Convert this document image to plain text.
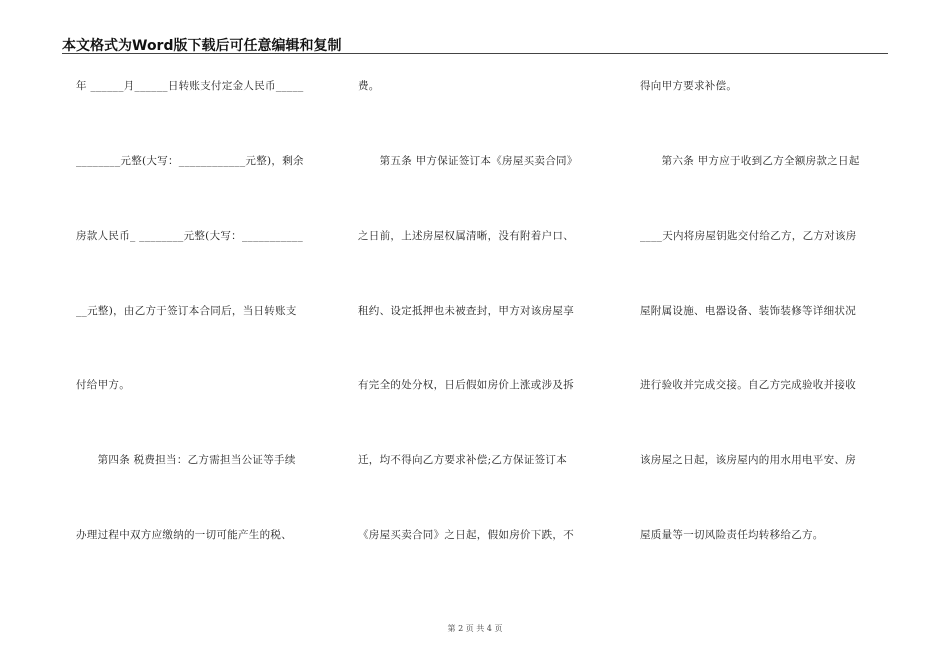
本文格式为Word版下载后可任意编辑和复制
年 ______月______日转账支付定金人民币_____
________元整(大写：____________元整)，剩余
房款人民币_ ________元整(大写：___________
__元整)，由乙方于签订本合同后，当日转账支
付给甲方。
　　第四条 税费担当：乙方需担当公证等手续
办理过程中双方应缴纳的一切可能产生的税、
费。
　　第五条 甲方保证签订本《房屋买卖合同》
之日前，上述房屋权属清晰，没有附着户口、
租约、设定抵押也未被查封，甲方对该房屋享
有完全的处分权，日后假如房价上涨或涉及拆
迁，均不得向乙方要求补偿;乙方保证签订本
《房屋买卖合同》之日起，假如房价下跌，不
得向甲方要求补偿。
　　第六条 甲方应于收到乙方全额房款之日起
____天内将房屋钥匙交付给乙方，乙方对该房
屋附属设施、电器设备、装饰装修等详细状况
进行验收并完成交接。自乙方完成验收并接收
该房屋之日起，该房屋内的用水用电平安、房
屋质量等一切风险责任均转移给乙方。
第 2 页 共 4 页
